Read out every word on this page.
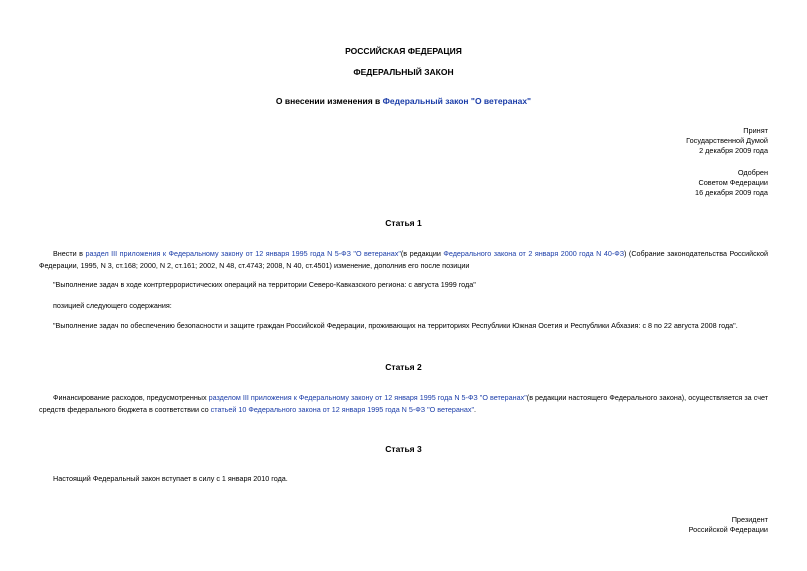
РОССИЙСКАЯ ФЕДЕРАЦИЯ
ФЕДЕРАЛЬНЫЙ ЗАКОН
О внесении изменения в Федеральный закон "О ветеранах"
Принят
Государственной Думой
2 декабря 2009 года
Одобрен
Советом Федерации
16 декабря 2009 года
Статья 1
Внести в раздел III приложения к Федеральному закону от 12 января 1995 года N 5-ФЗ "О ветеранах"(в редакции Федерального закона от 2 января 2000 года N 40-ФЗ) (Собрание законодательства Российской Федерации, 1995, N 3, ст.168; 2000, N 2, ст.161; 2002, N 48, ст.4743; 2008, N 40, ст.4501) изменение, дополнив его после позиции
"Выполнение задач в ходе контртеррористических операций на территории Северо-Кавказского региона: с августа 1999 года"
позицией следующего содержания:
"Выполнение задач по обеспечению безопасности и защите граждан Российской Федерации, проживающих на территориях Республики Южная Осетия и Республики Абхазия: с 8 по 22 августа 2008 года".
Статья 2
Финансирование расходов, предусмотренных разделом III приложения к Федеральному закону от 12 января 1995 года N 5-ФЗ "О ветеранах"(в редакции настоящего Федерального закона), осуществляется за счет средств федерального бюджета в соответствии со статьей 10 Федерального закона от 12 января 1995 года N 5-ФЗ "О ветеранах".
Статья 3
Настоящий Федеральный закон вступает в силу с 1 января 2010 года.
Президент
Российской Федерации
